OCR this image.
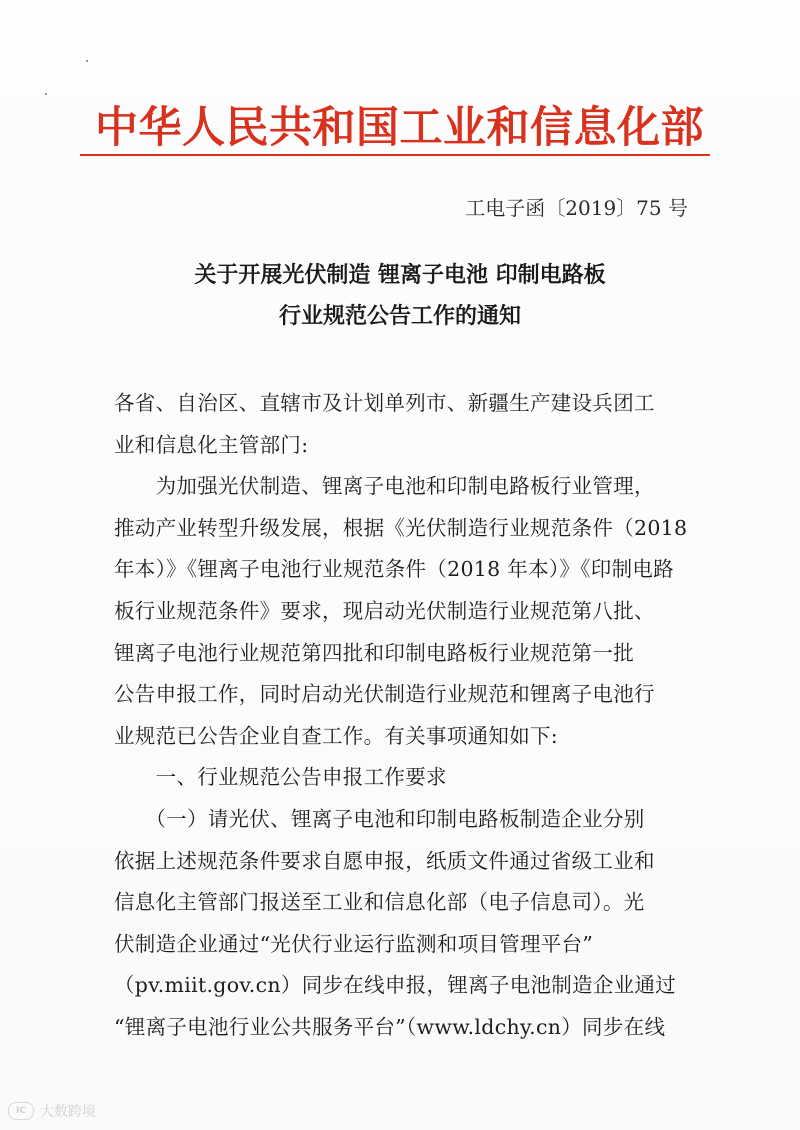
中华人民共和国工业和信息化部
工电子函〔2019〕75 号
关于开展光伏制造 锂离子电池 印制电路板
行业规范公告工作的通知

各省、自治区、直辖市及计划单列市、新疆生产建设兵团工

业和信息化主管部门:

　　为加强光伏制造、锂离子电池和印制电路板行业管理，

推动产业转型升级发展，根据《光伏制造行业规范条件（2018

年本）》《锂离子电池行业规范条件（2018 年本）》《印制电路

板行业规范条件》要求，现启动光伏制造行业规范第八批、

锂离子电池行业规范第四批和印制电路板行业规范第一批

公告申报工作，同时启动光伏制造行业规范和锂离子电池行

业规范已公告企业自查工作。有关事项通知如下:

　　一、行业规范公告申报工作要求

　　（一）请光伏、锂离子电池和印制电路板制造企业分别

依据上述规范条件要求自愿申报，纸质文件通过省级工业和

信息化主管部门报送至工业和信息化部（电子信息司）。光

伏制造企业通过“光伏行业运行监测和项目管理平台”

（pv.miit.gov.cn）同步在线申报，锂离子电池制造企业通过

“锂离子电池行业公共服务平台”（www.ldchy.cn）同步在线

IC	大数跨境
